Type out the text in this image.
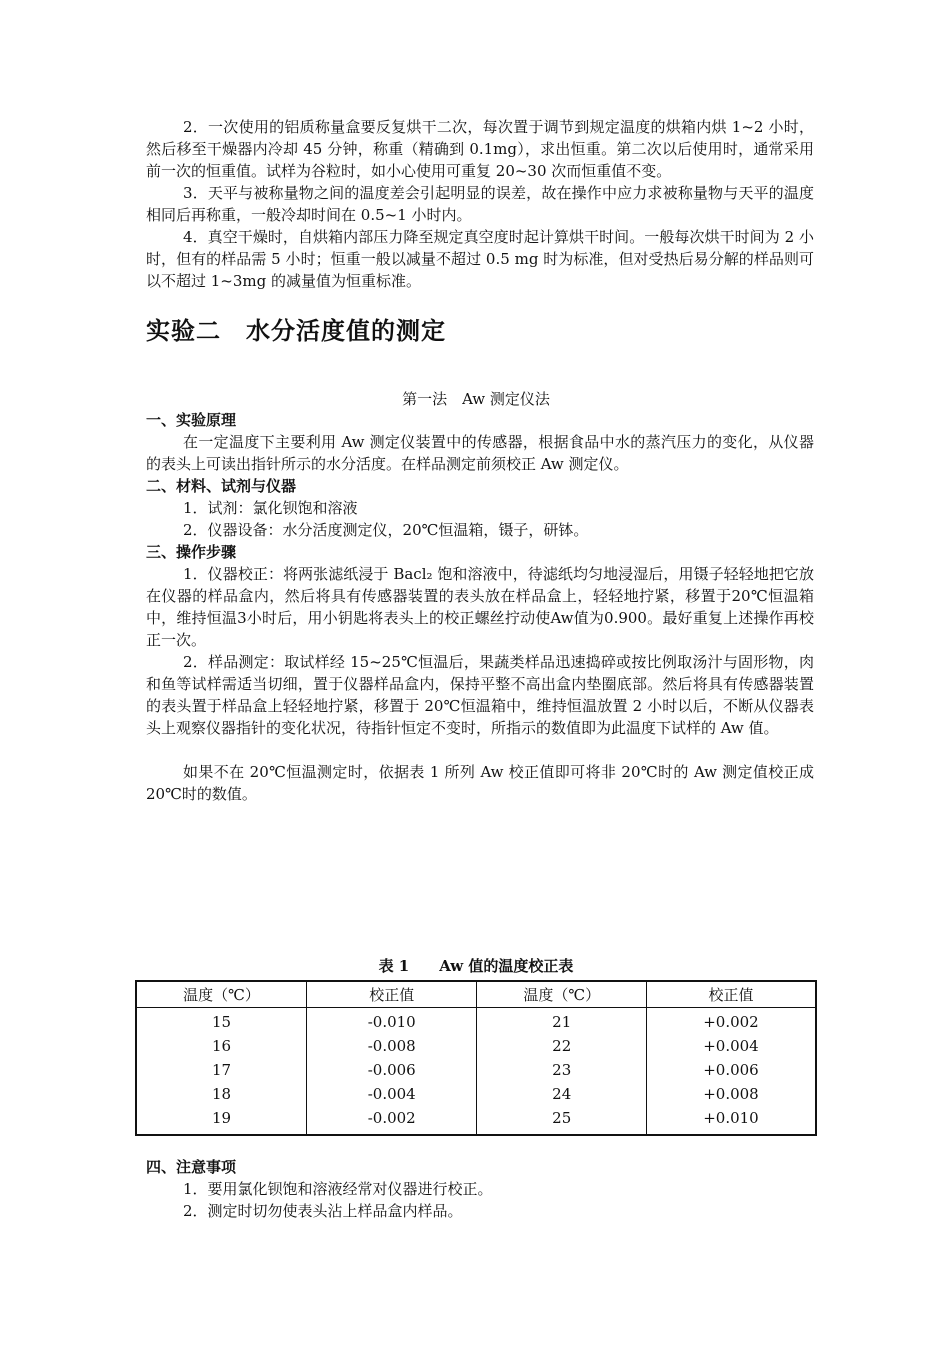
2．一次使用的铝质称量盒要反复烘干二次，每次置于调节到规定温度的烘箱内烘 1~2 小时，然后移至干燥器内冷却 45 分钟，称重（精确到 0.1mg），求出恒重。第二次以后使用时，通常采用前一次的恒重值。试样为谷粒时，如小心使用可重复 20~30 次而恒重值不变。

3．天平与被称量物之间的温度差会引起明显的误差，故在操作中应力求被称量物与天平的温度相同后再称重，一般冷却时间在 0.5~1 小时内。

4．真空干燥时，自烘箱内部压力降至规定真空度时起计算烘干时间。一般每次烘干时间为 2 小时，但有的样品需 5 小时；恒重一般以减量不超过 0.5 mg 时为标准，但对受热后易分解的样品则可以不超过 1~3mg 的减量值为恒重标准。

实验二　水分活度值的测定
第一法　Aw 测定仪法
一、实验原理

在一定温度下主要利用 Aw 测定仪装置中的传感器，根据食品中水的蒸汽压力的变化，从仪器的表头上可读出指针所示的水分活度。在样品测定前须校正 Aw 测定仪。

二、材料、试剂与仪器

1．试剂：氯化钡饱和溶液

2．仪器设备：水分活度测定仪，20℃恒温箱，镊子，研钵。

三、操作步骤

1．仪器校正：将两张滤纸浸于 Bacl₂ 饱和溶液中，待滤纸均匀地浸湿后，用镊子轻轻地把它放在仪器的样品盒内，然后将具有传感器装置的表头放在样品盒上，轻轻地拧紧，移置于20℃恒温箱中，维持恒温3小时后，用小钥匙将表头上的校正螺丝拧动使Aw值为0.900。最好重复上述操作再校正一次。

2．样品测定：取试样经 15~25℃恒温后，果蔬类样品迅速捣碎或按比例取汤汁与固形物，肉和鱼等试样需适当切细，置于仪器样品盒内，保持平整不高出盒内垫圈底部。然后将具有传感器装置的表头置于样品盒上轻轻地拧紧，移置于 20℃恒温箱中，维持恒温放置 2 小时以后，不断从仪器表头上观察仪器指针的变化状况，待指针恒定不变时，所指示的数值即为此温度下试样的 Aw 值。

如果不在 20℃恒温测定时，依据表 1 所列 Aw 校正值即可将非 20℃时的 Aw 测定值校正成 20℃时的数值。

表 1　　Aw 值的温度校正表
温度（℃）	校正值	温度（℃）	校正值
15	-0.010	21	+0.002
16	-0.008	22	+0.004
17	-0.006	23	+0.006
18	-0.004	24	+0.008
19	-0.002	25	+0.010
四、注意事项

1．要用氯化钡饱和溶液经常对仪器进行校正。

2．测定时切勿使表头沾上样品盒内样品。
